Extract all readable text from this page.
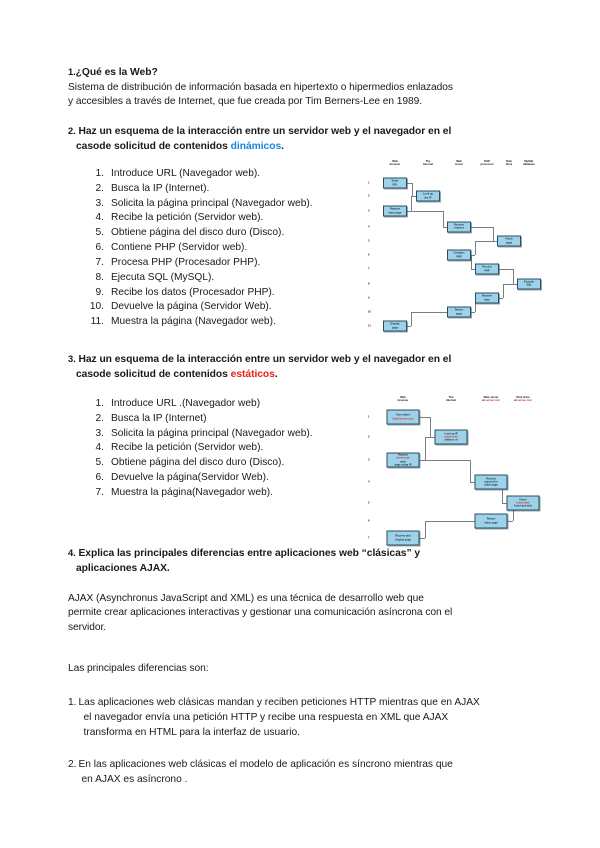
1.¿Qué es la Web?
Sistema de distribución de información basada en hipertexto o hipermedios enlazados
y accesibles a través de Internet, que fue creada por Tim Berners-Lee en 1989.
2. Haz un esquema de la interacción entre un servidor web y el navegador en el
casode solicitud de contenidos dinámicos.
1. Introduce URL (Navegador web).
2. Busca la IP (Internet).
3. Solicita la página principal (Navegador web).
4. Recibe la petición (Servidor web).
5. Obtiene página del disco duro (Disco).
6. Contiene PHP (Servidor web).
7. Procesa PHP (Procesador PHP).
8. Ejecuta SQL (MySQL).
9. Recibe los datos (Procesador PHP).
10. Devuelve la página (Servidor Web).
11. Muestra la página (Navegador web).
3. Haz un esquema de la interacción entre un servidor web y el navegador en el
casode solicitud de contenidos estáticos.
1. Introduce URL .(Navegador web)
2. Busca la IP (Internet)
3. Solicita la página principal (Navegador web).
4. Recibe la petición (Servidor web).
5. Obtiene página del disco duro (Disco).
6. Devuelve la página(Servidor Web).
7. Muestra la página(Navegador web).
4. Explica las principales diferencias entre aplicaciones web “clásicas” y
aplicaciones AJAX.
AJAX (Asynchronus JavaScript and XML) es una técnica de desarrollo web que
permite crear aplicaciones interactivas y gestionar una comunicación asíncrona con el
servidor.
Las principales diferencias son:
1. Las aplicaciones web clásicas mandan y reciben peticiones HTTP mientras que en AJAX
el navegador envía una petición HTTP y recibe una respuesta en XML que AJAX
transforma en HTML para la interfaz de usuario.
2. En las aplicaciones web clásicas el modelo de aplicación es síncrono mientras que
en AJAX es asíncrono .
Web
browser
The
Internet
Web
server
PHP
processor
Disk
drive
MySQL
database
1
2
3
4
5
6
7
8
9
10
11
Enter
URL

Look up
the IP

Request
main page

Receive
request

Fetch
page

Contains
PHP

Process
PHP

Execute
SQL

Receive
data

Return
page

Display
page

Web
browser
The
internet
Web server
at server.com
Disk drive
at server.com
1
2
3
4
5
6
7
User enters
http://server.com

Look up IP
server.com
address of

Request
server.com
main
page using IP

Receive
request for
index page

Fetch
index.html
from hard disk

Return
index page

Receive and
display page
